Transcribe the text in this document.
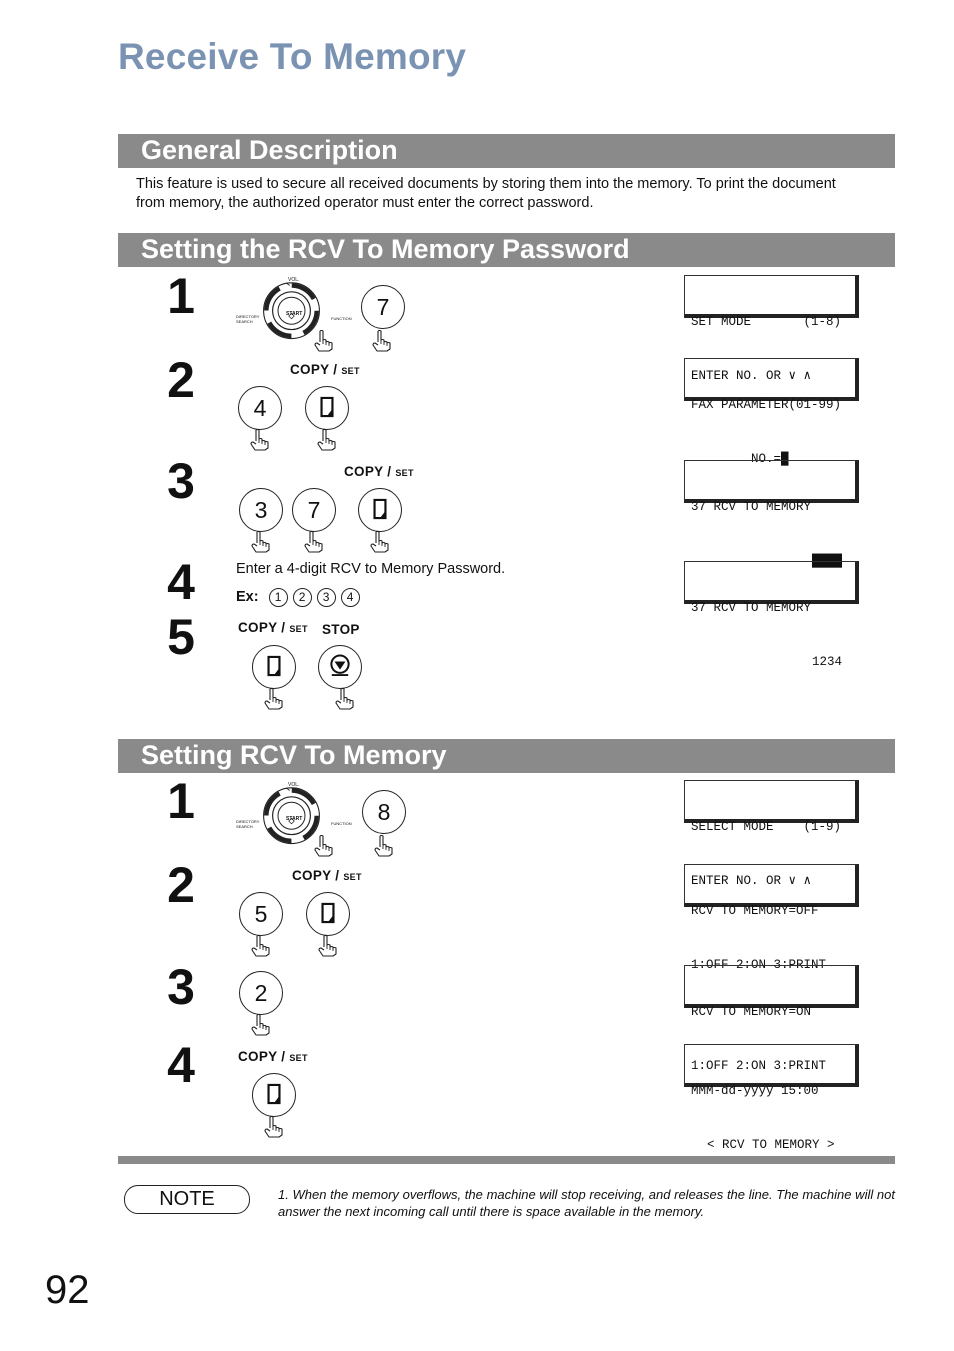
Receive To Memory
General Description
This feature is used to secure all received documents by storing them into the memory. To print the document from memory, the authorized operator must enter the correct password.
Setting the RCV To Memory Password
1	VOL.
START
DIRECTORY SEARCH
FUNCTION	7

SET MODE       (1-8)

ENTER NO. OR ∨ ∧

2	COPY / SET
4

	FAX PARAMETER(01-99)

NO.=█

3	COPY / SET
3	7

	37 RCV TO MEMORY

████

4	Enter a 4-digit RCV to Memory Password.
Ex: 1 2 3 4

37 RCV TO MEMORY

1234

5	COPY / SET STOP
Setting RCV To Memory
1	VOL.
START
DIRECTORY SEARCH
FUNCTION	8

SELECT MODE    (1-9)

ENTER NO. OR ∨ ∧

2	COPY / SET
5

	RCV TO MEMORY=OFF

1:OFF 2:ON 3:PRINT

3	2

RCV TO MEMORY=ON

1:OFF 2:ON 3:PRINT

4	COPY / SET

MMM-dd-yyyy 15:00

< RCV TO MEMORY >

NOTE	1. When the memory overflows, the machine will stop receiving, and releases the line. The machine will not answer the next incoming call until there is space available in the memory.
92
